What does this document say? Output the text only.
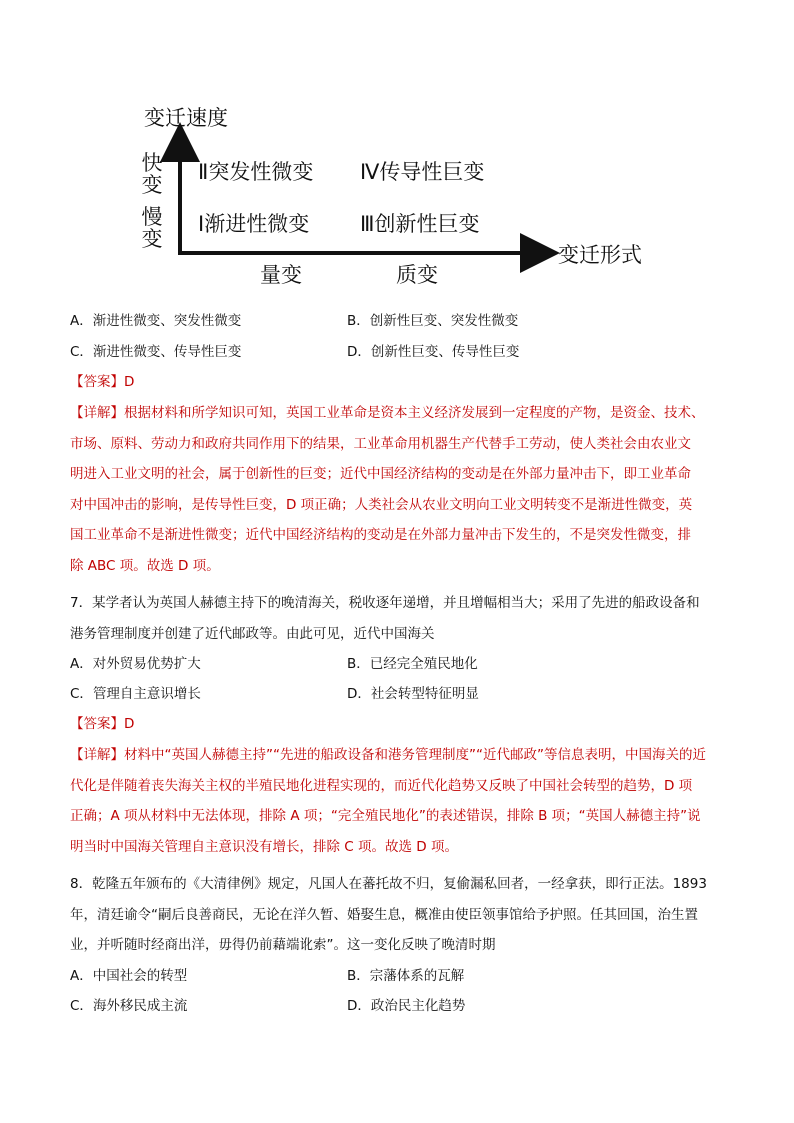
变迁速度
变迁形式
快
变
慢
变
Ⅱ突发性微变 Ⅳ传导性巨变
Ⅰ渐进性微变 Ⅲ创新性巨变
量变	质变
A．渐进性微变、突发性微变	B．创新性巨变、突发性微变
C．渐进性微变、传导性巨变	D．创新性巨变、传导性巨变
【答案】D
【详解】根据材料和所学知识可知，英国工业革命是资本主义经济发展到一定程度的产物，是资金、技术、
市场、原料、劳动力和政府共同作用下的结果，工业革命用机器生产代替手工劳动，使人类社会由农业文
明进入工业文明的社会，属于创新性的巨变；近代中国经济结构的变动是在外部力量冲击下，即工业革命
对中国冲击的影响，是传导性巨变，D 项正确；人类社会从农业文明向工业文明转变不是渐进性微变，英
国工业革命不是渐进性微变；近代中国经济结构的变动是在外部力量冲击下发生的，不是突发性微变，排
除 ABC 项。故选 D 项。
7．某学者认为英国人赫德主持下的晚清海关，税收逐年递增，并且增幅相当大；采用了先进的船政设备和
港务管理制度并创建了近代邮政等。由此可见，近代中国海关
A．对外贸易优势扩大	B．已经完全殖民地化
C．管理自主意识增长	D．社会转型特征明显
【答案】D
【详解】材料中“英国人赫德主持”“先进的船政设备和港务管理制度”“近代邮政”等信息表明，中国海关的近
代化是伴随着丧失海关主权的半殖民地化进程实现的，而近代化趋势又反映了中国社会转型的趋势，D 项
正确；A 项从材料中无法体现，排除 A 项；“完全殖民地化”的表述错误，排除 B 项；“英国人赫德主持”说
明当时中国海关管理自主意识没有增长，排除 C 项。故选 D 项。
8．乾隆五年颁布的《大清律例》规定，凡国人在蕃托故不归，复偷漏私回者，一经拿获，即行正法。1893
年，清廷谕令“嗣后良善商民，无论在洋久暂、婚娶生息，概准由使臣领事馆给予护照。任其回国，治生置
业，并听随时经商出洋，毋得仍前藉端讹索”。这一变化反映了晚清时期
A．中国社会的转型	B．宗藩体系的瓦解
C．海外移民成主流	D．政治民主化趋势
